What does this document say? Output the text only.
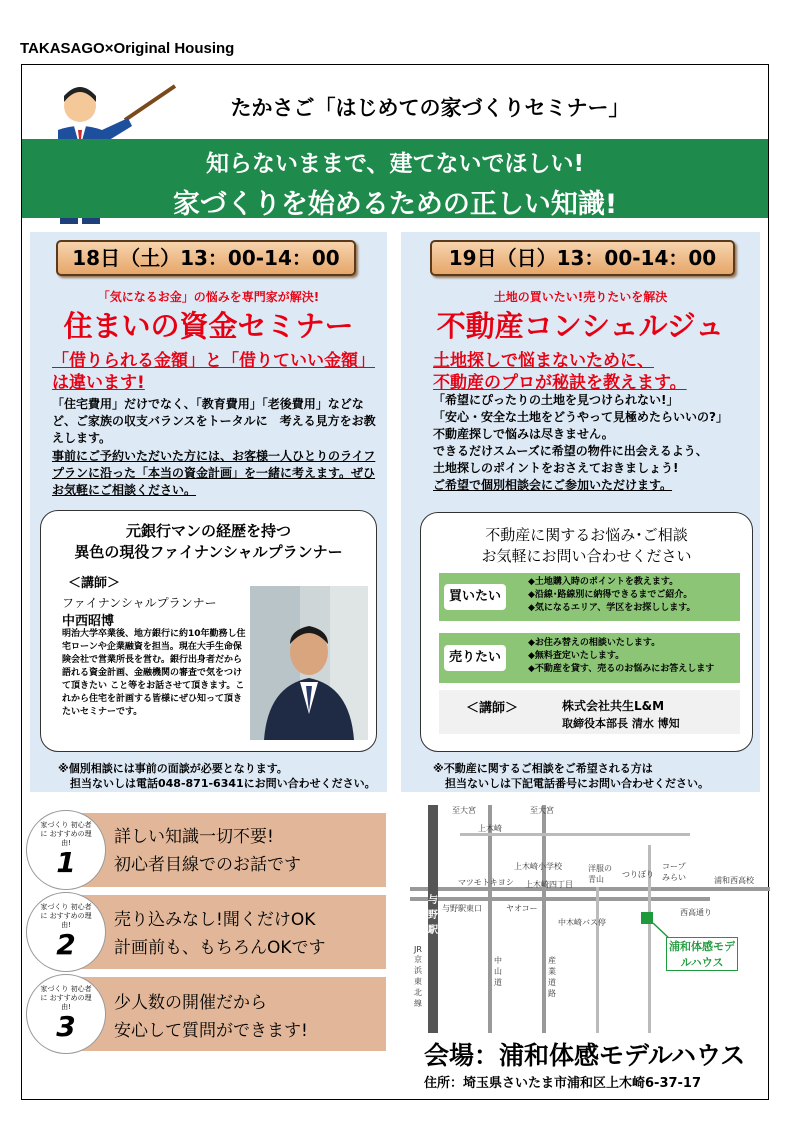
TAKASAGO×Original Housing
たかさご「はじめての家づくりセミナー」
知らないままで、建てないでほしい!
家づくりを始めるための正しい知識!
18日（土）13：00-14：00
「気になるお金」の悩みを専門家が解決!
住まいの資金セミナー
「借りられる金額」と「借りていい金額」は違います!
「住宅費用」だけでなく、「教育費用」「老後費用」などなど、ご家族の収支バランスをトータルに　考える見方をお教えします。
事前にご予約いただいた方には、お客様一人ひとりのライフプランに沿った「本当の資金計画」を一緒に考えます。ぜひお気軽にご相談ください。
元銀行マンの経歴を持つ
異色の現役ファイナンシャルプランナー
＜講師＞
ファイナンシャルプランナー
中西昭博
明治大学卒業後、地方銀行に約10年勤務し住宅ローンや企業融資を担当。現在大手生命保険会社で営業所長を営む。銀行出身者だから語れる資金計画、金融機関の審査で気をつけて頂きたい こと等をお話させて頂きます。これから住宅を計画する皆様にぜひ知って頂きたいセミナーです。
※個別相談には事前の面談が必要となります。
担当ないしは電話048-871-6341にお問い合わせください。
19日（日）13：00-14：00
土地の買いたい!売りたいを解決
不動産コンシェルジュ
土地探しで悩まないために、
不動産のプロが秘訣を教えます。
「希望にぴったりの土地を見つけられない!」
「安心・安全な土地をどうやって見極めたらいいの?」
不動産探しで悩みは尽きません。
できるだけスムーズに希望の物件に出会えるよう、
土地探しのポイントをおさえておきましょう!
ご希望で個別相談会にご参加いただけます。
不動産に関するお悩み･ご相談
お気軽にお問い合わせください
買いたい
◆土地購入時のポイントを教えます。
◆沿線･路線別に納得できるまでご紹介。
◆気になるエリア、学区をお探しします。
売りたい
◆お住み替えの相談いたします。
◆無料査定いたします。
◆不動産を貸す、売るのお悩みにお答えします
＜講師＞	株式会社共生L&M
取締役本部長 清水 博知
※不動産に関するご相談をご希望される方は
担当ないしは下記電話番号にお問い合わせください。
家づくり 初心者に おすすめの理由!
1
詳しい知識一切不要!
初心者目線でのお話です
家づくり 初心者に おすすめの理由!
2
売り込みなし!聞くだけOK
計画前も、もちろんOKです
家づくり 初心者に おすすめの理由!
3
少人数の開催だから
安心して質問ができます!
至大宮	至大宮
上木崎
上木崎小学校
マツモトキヨシ 上木崎四丁目
洋服の青山
つりぼり
コープみらい	浦和西高校
与野駅東口	ヤオコー
中木崎バス停
西高通り
中山道
産業道路
JR京浜東北線
与野駅
浦和体感モデルハウス
会場：浦和体感モデルハウス
住所：埼玉県さいたま市浦和区上木崎6-37-17
